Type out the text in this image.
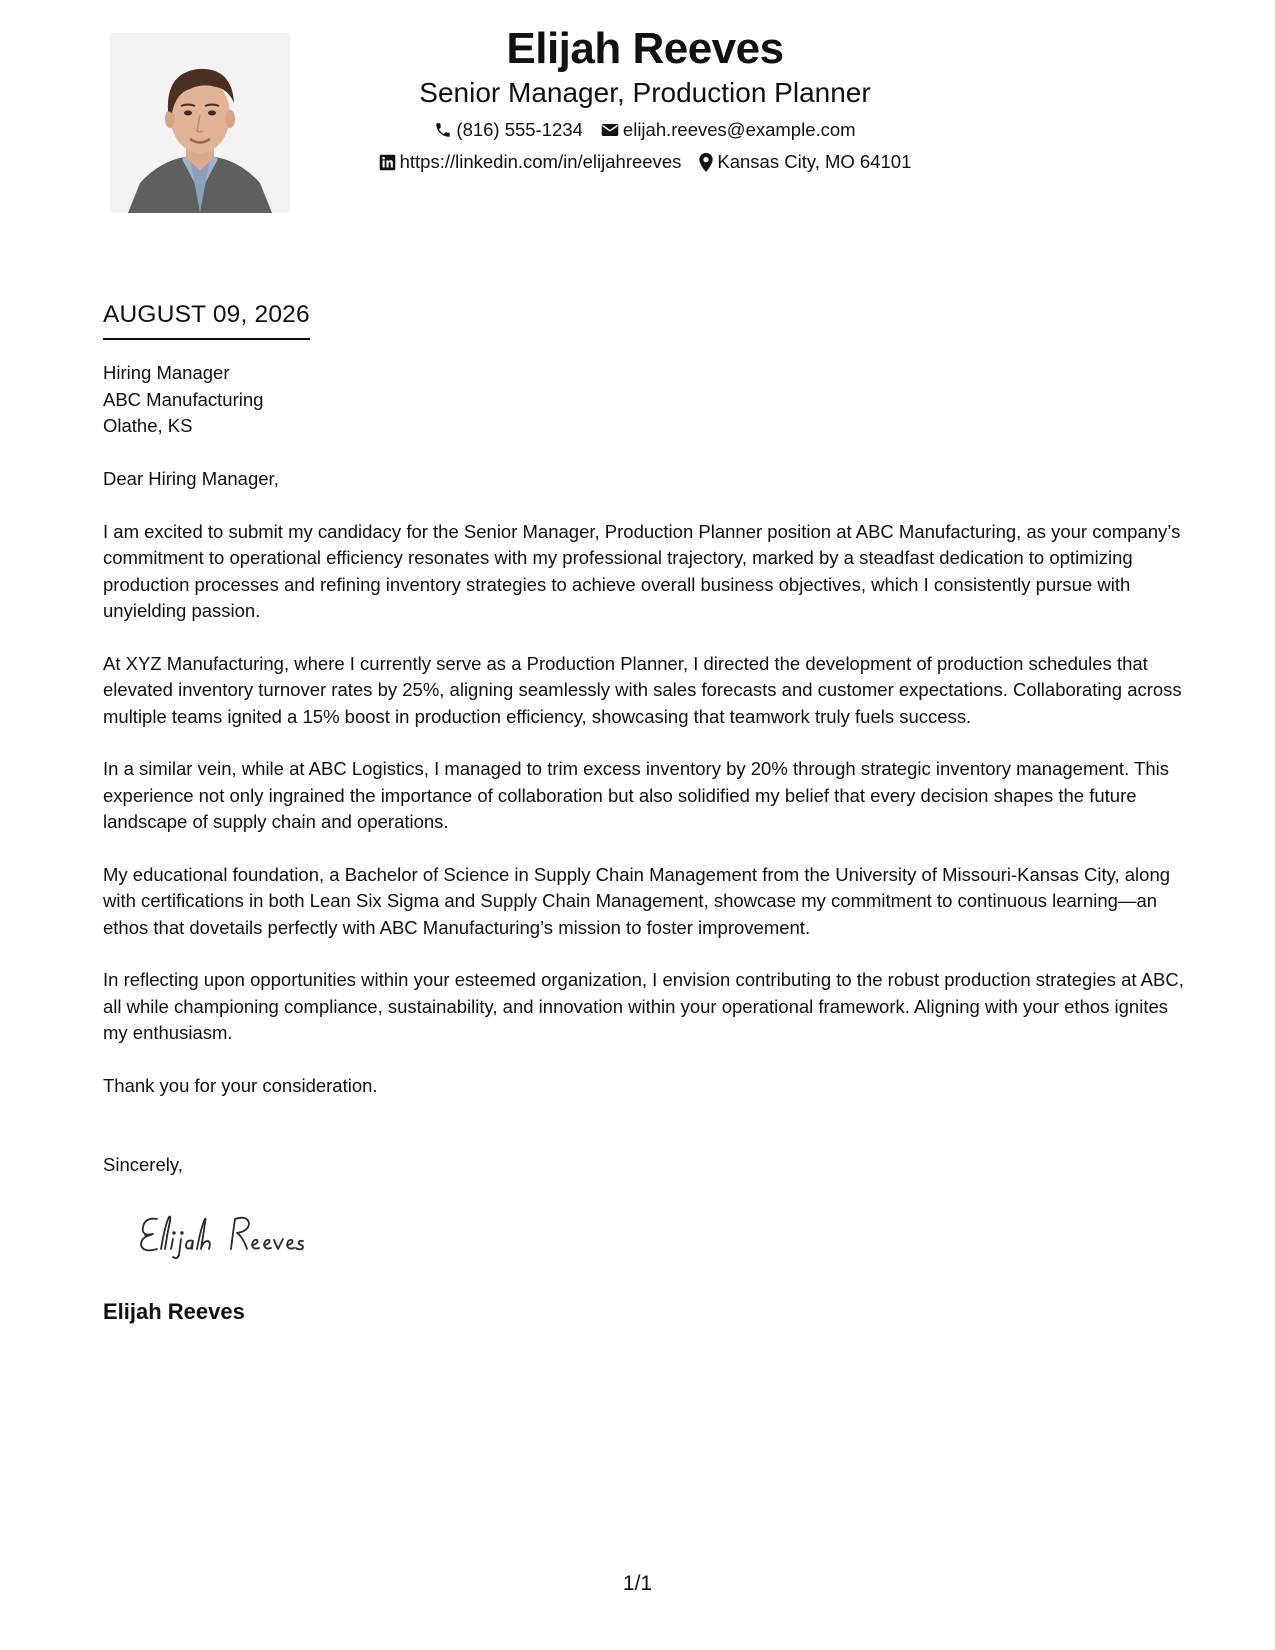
Elijah Reeves
Senior Manager, Production Planner
(816) 555-1234 elijah.reeves@example.com
https://linkedin.com/in/elijahreeves Kansas City, MO 64101
AUGUST 09, 2026
Hiring Manager
ABC Manufacturing
Olathe, KS

Dear Hiring Manager,

I am excited to submit my candidacy for the Senior Manager, Production Planner position at ABC Manufacturing, as your company’s commitment to operational efficiency resonates with my professional trajectory, marked by a steadfast dedication to optimizing production processes and refining inventory strategies to achieve overall business objectives, which I consistently pursue with unyielding passion.

At XYZ Manufacturing, where I currently serve as a Production Planner, I directed the development of production schedules that elevated inventory turnover rates by 25%, aligning seamlessly with sales forecasts and customer expectations. Collaborating across multiple teams ignited a 15% boost in production efficiency, showcasing that teamwork truly fuels success.

In a similar vein, while at ABC Logistics, I managed to trim excess inventory by 20% through strategic inventory management. This experience not only ingrained the importance of collaboration but also solidified my belief that every decision shapes the future landscape of supply chain and operations.

My educational foundation, a Bachelor of Science in Supply Chain Management from the University of Missouri-Kansas City, along with certifications in both Lean Six Sigma and Supply Chain Management, showcase my commitment to continuous learning—an ethos that dovetails perfectly with ABC Manufacturing’s mission to foster improvement.

In reflecting upon opportunities within your esteemed organization, I envision contributing to the robust production strategies at ABC, all while championing compliance, sustainability, and innovation within your operational framework. Aligning with your ethos ignites my enthusiasm.

Thank you for your consideration.

Sincerely,
Elijah Reeves
1/1
